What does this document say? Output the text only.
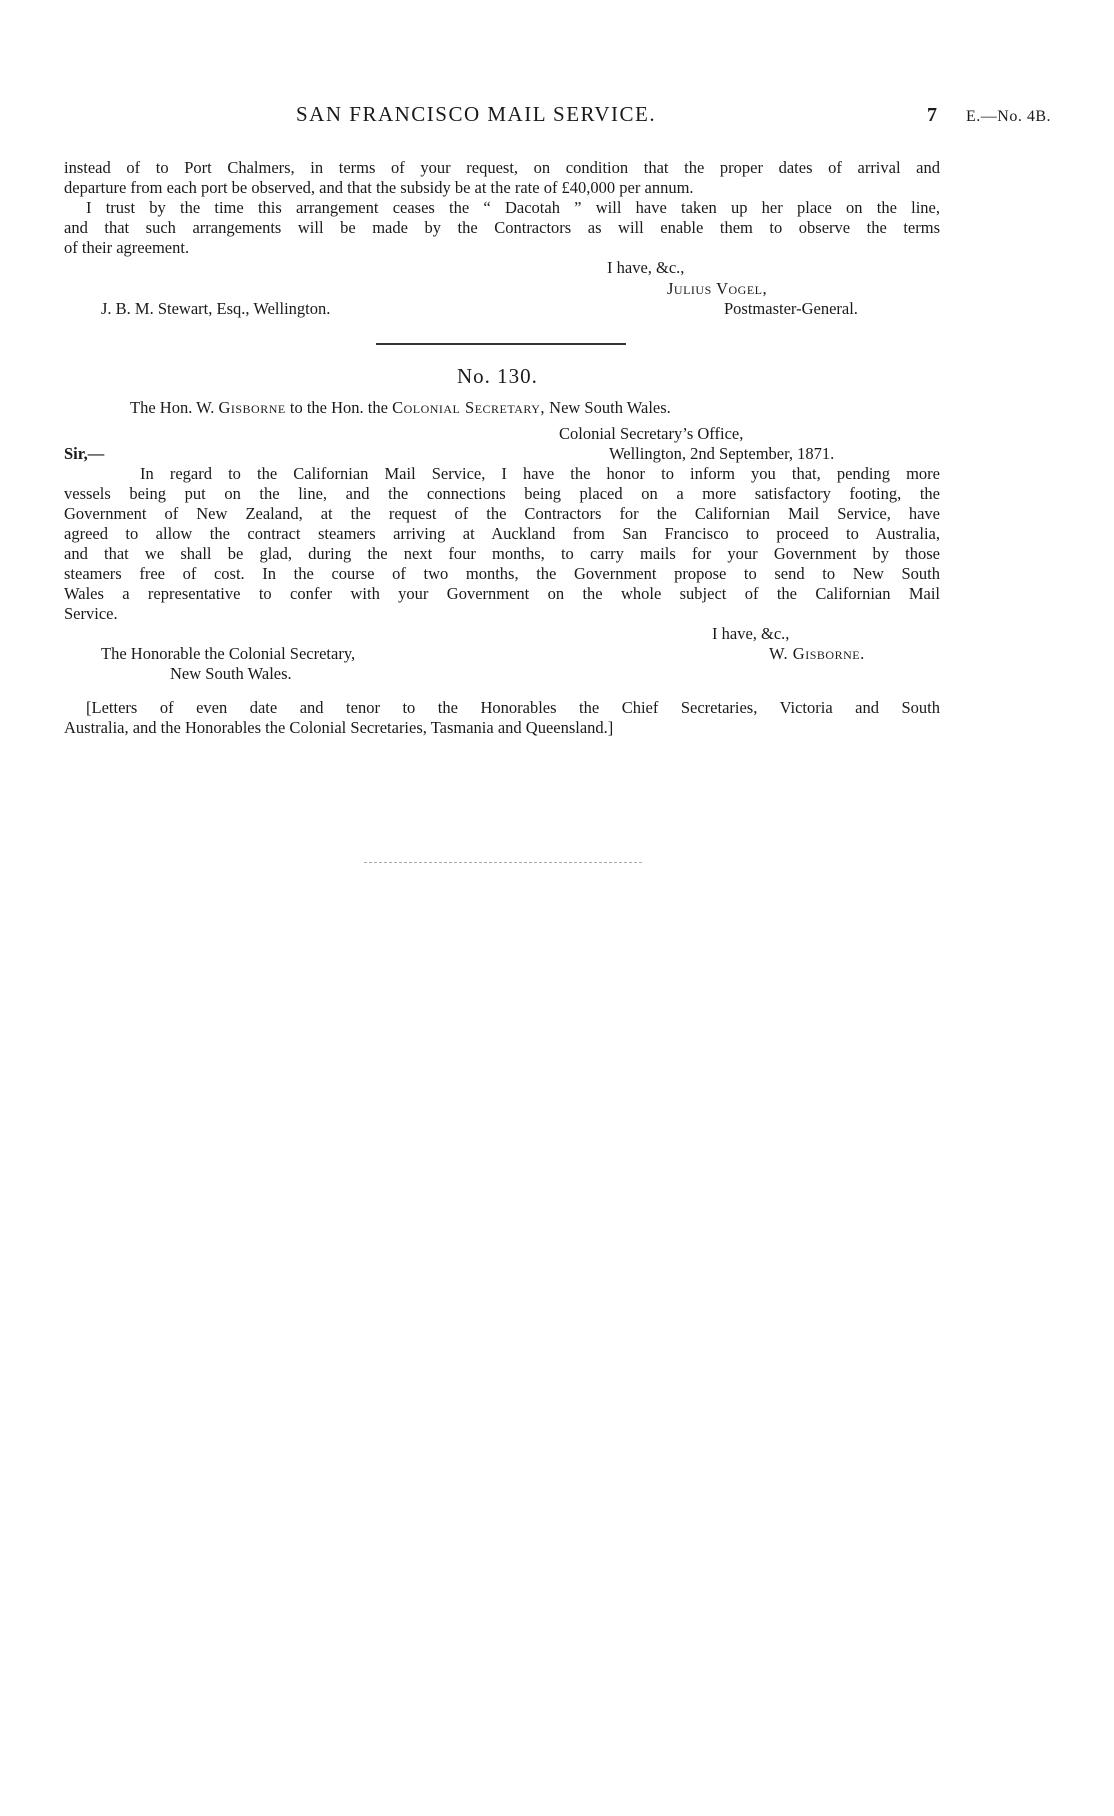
SAN FRANCISCO MAIL SERVICE.	7 E.—No. 4B.
instead of to Port Chalmers, in terms of your request, on condition that the proper dates of arrival and
departure from each port be observed, and that the subsidy be at the rate of £40,000 per annum.
I trust by the time this arrangement ceases the “ Dacotah ” will have taken up her place on the line,
and that such arrangements will be made by the Contractors as will enable them to observe the terms
of their agreement.
I have, &c.,
Julius Vogel,
J. B. M. Stewart, Esq., Wellington.	Postmaster-General.
No. 130.
The Hon. W. Gisborne to the Hon. the Colonial Secretary, New South Wales.
Colonial Secretary’s Office,
Sir,—	Wellington, 2nd September, 1871.
In regard to the Californian Mail Service, I have the honor to inform you that, pending more
vessels being put on the line, and the connections being placed on a more satisfactory footing, the
Government of New Zealand, at the request of the Contractors for the Californian Mail Service, have
agreed to allow the contract steamers arriving at Auckland from San Francisco to proceed to Australia,
and that we shall be glad, during the next four months, to carry mails for your Government by those
steamers free of cost. In the course of two months, the Government propose to send to New South
Wales a representative to confer with your Government on the whole subject of the Californian Mail
Service.
I have, &c.,
The Honorable the Colonial Secretary,	W. Gisborne.
New South Wales.
[Letters of even date and tenor to the Honorables the Chief Secretaries, Victoria and South
Australia, and the Honorables the Colonial Secretaries, Tasmania and Queensland.]
